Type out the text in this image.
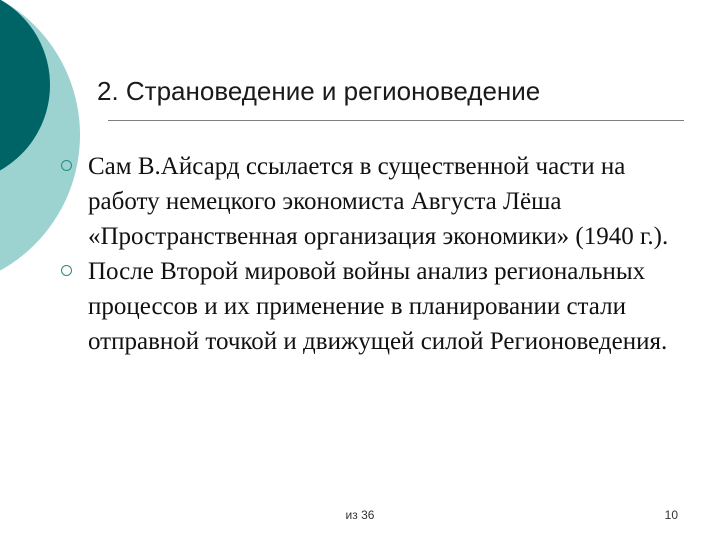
2. Страноведение и регионоведение
Сам В.Айсард ссылается в существенной части на работу немецкого экономиста Августа Лёша «Пространственная организация экономики» (1940 г.).
После Второй мировой войны анализ региональных процессов и их применение в планировании стали отправной точкой и движущей силой Регионоведения.
из 36	10
